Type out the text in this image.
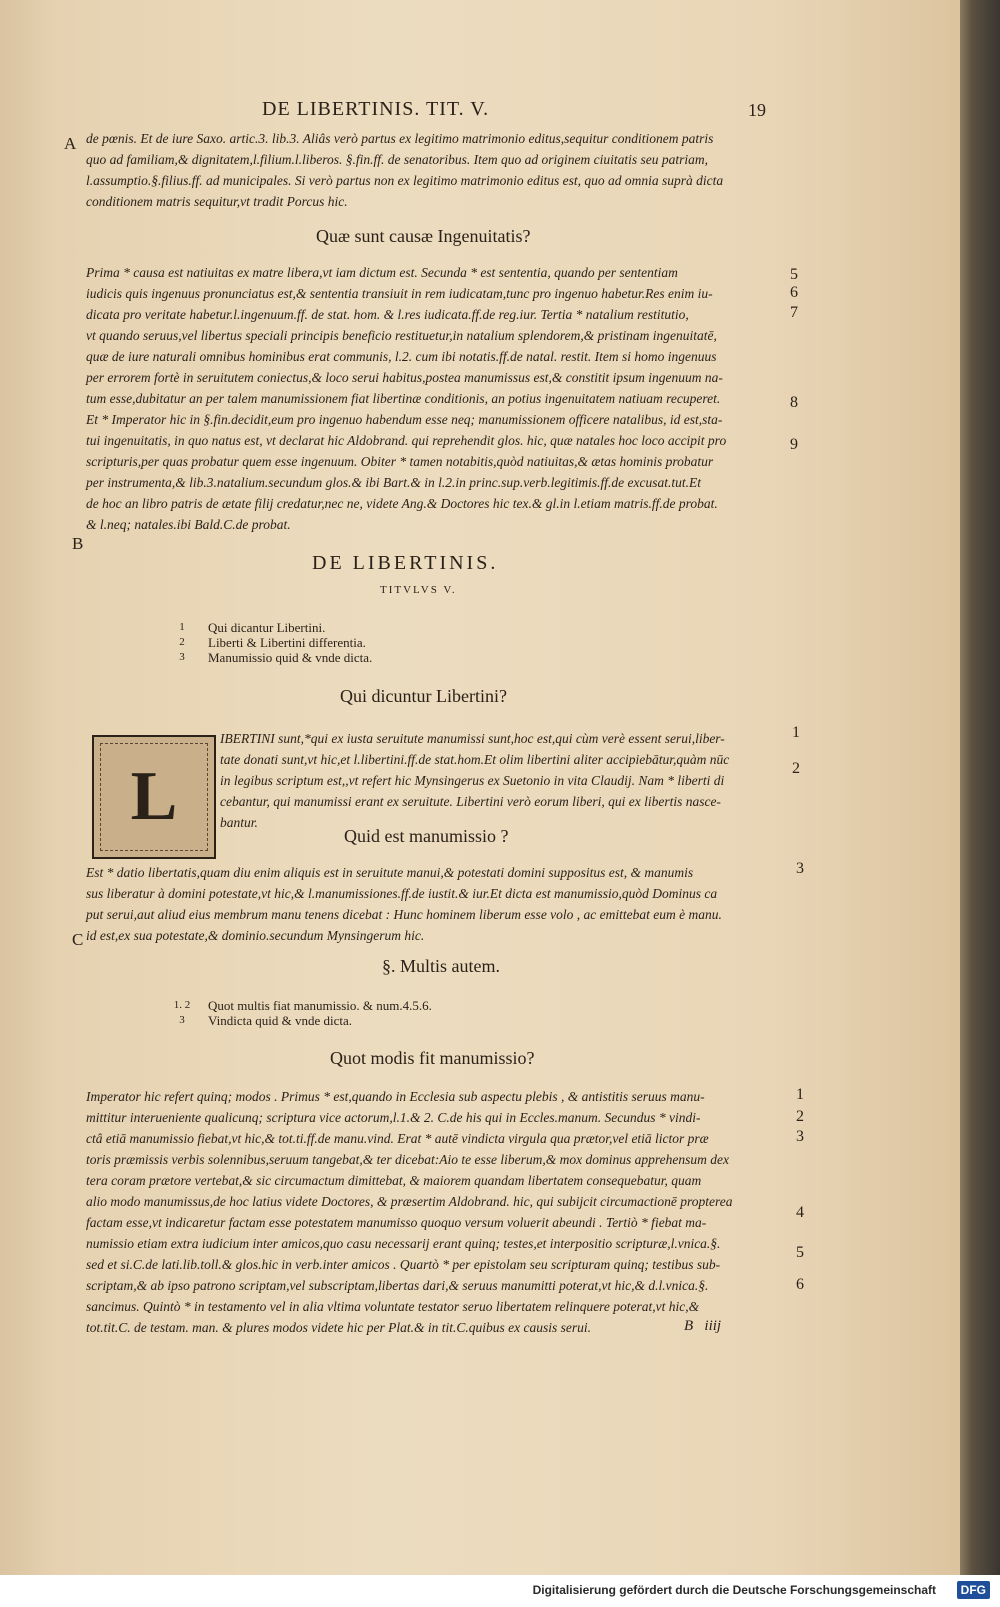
DE LIBERTINIS. TIT. V.	19
A de pœnis. Et de iure Saxo. artic.3. lib.3. Aliâs verò partus ex legitimo matrimonio editus,sequitur conditionem patris
quo ad familiam,& dignitatem,l.filium.l.liberos. §.fin.ff. de senatoribus. Item quo ad originem ciuitatis seu patriam,
l.assumptio.§.filius.ff. ad municipales. Si verò partus non ex legitimo matrimonio editus est, quo ad omnia suprà dicta
conditionem matris sequitur,vt tradit Porcus hic.
Quæ sunt causæ Ingenuitatis?
Prima * causa est natiuitas ex matre libera,vt iam dictum est. Secunda * est sententia, quando per sententiam
iudicis quis ingenuus pronunciatus est,& sententia transiuit in rem iudicatam,tunc pro ingenuo habetur.Res enim iu-
dicata pro veritate habetur.l.ingenuum.ff. de stat. hom. & l.res iudicata.ff.de reg.iur. Tertia * natalium restitutio,
vt quando seruus,vel libertus speciali principis beneficio restituetur,in natalium splendorem,& pristinam ingenuitatē,
quæ de iure naturali omnibus hominibus erat communis, l.2. cum ibi notatis.ff.de natal. restit. Item si homo ingenuus
per errorem fortè in seruitutem coniectus,& loco serui habitus,postea manumissus est,& constitit ipsum ingenuum na-
tum esse,dubitatur an per talem manumissionem fiat libertinæ conditionis, an potius ingenuitatem natiuam recuperet.
Et * Imperator hic in §.fin.decidit,eum pro ingenuo habendum esse neq; manumissionem officere natalibus, id est,sta-
tui ingenuitatis, in quo natus est, vt declarat hic Aldobrand. qui reprehendit glos. hic, quæ natales hoc loco accipit pro
scripturis,per quas probatur quem esse ingenuum. Obiter * tamen notabitis,quòd natiuitas,& ætas hominis probatur
per instrumenta,& lib.3.natalium.secundum glos.& ibi Bart.& in l.2.in princ.sup.verb.legitimis.ff.de excusat.tut.Et
de hoc an libro patris de ætate filij credatur,nec ne, videte Ang.& Doctores hic tex.& gl.in l.etiam matris.ff.de probat.
& l.neq; natales.ibi Bald.C.de probat.
5
6
7
8
9
B
DE LIBERTINIS.
TITVLVS V.
1	Qui dicantur Libertini.
2	Liberti & Libertini differentia.
3	Manumissio quid & vnde dicta.
Qui dicuntur Libertini?
L
IBERTINI sunt,*qui ex iusta seruitute manumissi sunt,hoc est,qui cùm verè essent serui,liber-
tate donati sunt,vt hic,et l.libertini.ff.de stat.hom.Et olim libertini aliter accipiebātur,quàm nūc
in legibus scriptum est,,vt refert hic Mynsingerus ex Suetonio in vita Claudij. Nam * liberti di
cebantur, qui manumissi erant ex seruitute. Libertini verò eorum liberi, qui ex libertis nasce-
bantur.
1
2
Quid est manumissio ?
Est * datio libertatis,quam diu enim aliquis est in seruitute manui,& potestati domini suppositus est, & manumis
sus liberatur à domini potestate,vt hic,& l.manumissiones.ff.de iustit.& iur.Et dicta est manumissio,quòd Dominus ca
put serui,aut aliud eius membrum manu tenens dicebat : Hunc hominem liberum esse volo , ac emittebat eum è manu.
id est,ex sua potestate,& dominio.secundum Mynsingerum hic.
3
C
§. Multis autem.
1. 2	Quot multis fiat manumissio. & num.4.5.6.
3	Vindicta quid & vnde dicta.
Quot modis fit manumissio?
Imperator hic refert quinq; modos . Primus * est,quando in Ecclesia sub aspectu plebis , & antistitis seruus manu-
mittitur interueniente qualicunq; scriptura vice actorum,l.1.& 2. C.de his qui in Eccles.manum. Secundus * vindi-
ctâ etiā manumissio fiebat,vt hic,& tot.ti.ff.de manu.vind. Erat * autē vindicta virgula qua prætor,vel etiā lictor præ
toris præmissis verbis solennibus,seruum tangebat,& ter dicebat:Aio te esse liberum,& mox dominus apprehensum dex
tera coram prætore vertebat,& sic circumactum dimittebat, & maiorem quandam libertatem consequebatur, quam
alio modo manumissus,de hoc latius videte Doctores, & præsertim Aldobrand. hic, qui subijcit circumactionē propterea
factam esse,vt indicaretur factam esse potestatem manumisso quoquo versum voluerit abeundi . Tertiò * fiebat ma-
numissio etiam extra iudicium inter amicos,quo casu necessarij erant quinq; testes,et interpositio scripturæ,l.vnica.§.
sed et si.C.de lati.lib.toll.& glos.hic in verb.inter amicos . Quartò * per epistolam seu scripturam quinq; testibus sub-
scriptam,& ab ipso patrono scriptam,vel subscriptam,libertas dari,& seruus manumitti poterat,vt hic,& d.l.vnica.§.
sancimus. Quintò * in testamento vel in alia vltima voluntate testator seruo libertatem relinquere poterat,vt hic,&
tot.tit.C. de testam. man. & plures modos videte hic per Plat.& in tit.C.quibus ex causis serui.
1
2
3
4
5
6
B   iiij
Digitalisierung gefördert durch die Deutsche Forschungsgemeinschaft	DFG
